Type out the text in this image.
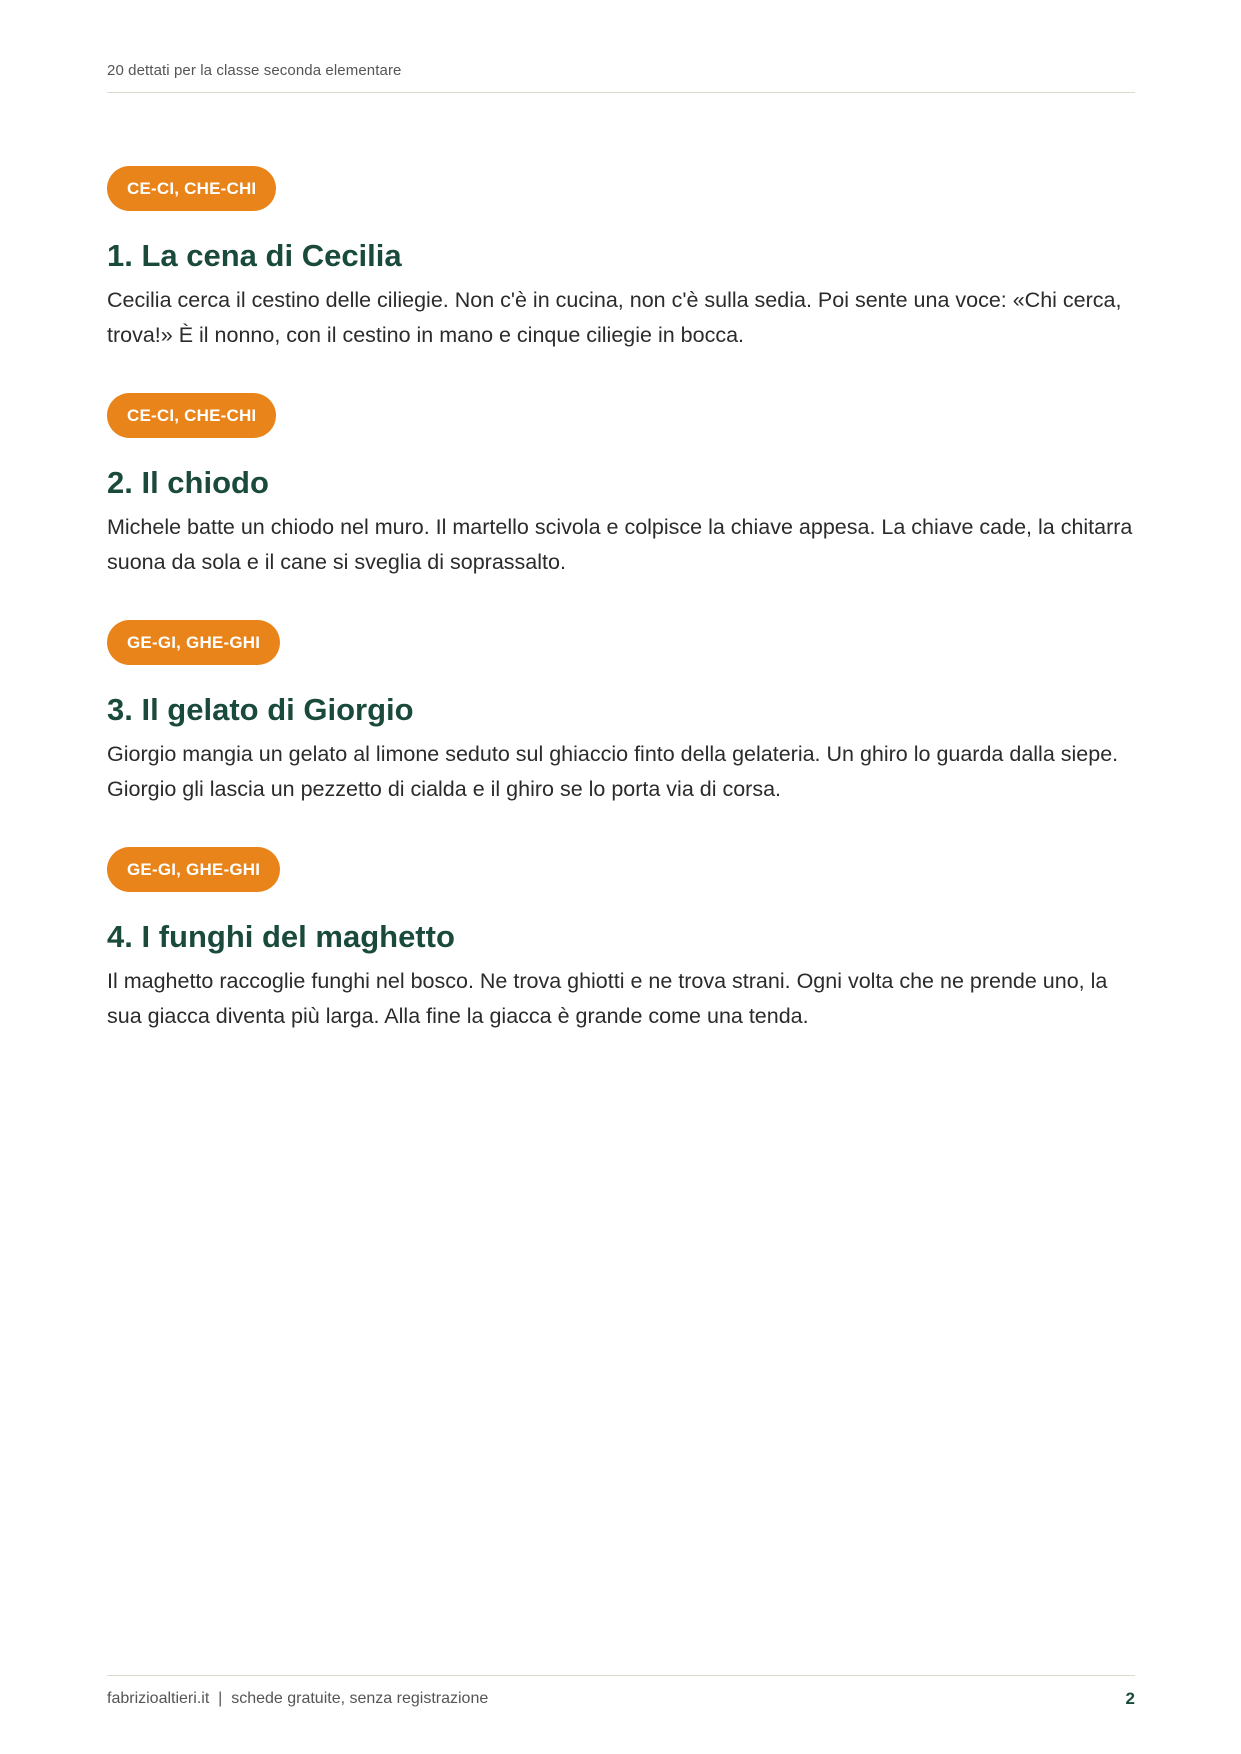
20 dettati per la classe seconda elementare
CE-CI, CHE-CHI
1. La cena di Cecilia

Cecilia cerca il cestino delle ciliegie. Non c'è in cucina, non c'è sulla sedia. Poi sente una voce: «Chi cerca, trova!» È il nonno, con il cestino in mano e cinque ciliegie in bocca.

CE-CI, CHE-CHI
2. Il chiodo

Michele batte un chiodo nel muro. Il martello scivola e colpisce la chiave appesa. La chiave cade, la chitarra suona da sola e il cane si sveglia di soprassalto.

GE-GI, GHE-GHI
3. Il gelato di Giorgio

Giorgio mangia un gelato al limone seduto sul ghiaccio finto della gelateria. Un ghiro lo guarda dalla siepe. Giorgio gli lascia un pezzetto di cialda e il ghiro se lo porta via di corsa.

GE-GI, GHE-GHI
4. I funghi del maghetto

Il maghetto raccoglie funghi nel bosco. Ne trova ghiotti e ne trova strani. Ogni volta che ne prende uno, la sua giacca diventa più larga. Alla fine la giacca è grande come una tenda.

fabrizioaltieri.it  |  schede gratuite, senza registrazione	2
